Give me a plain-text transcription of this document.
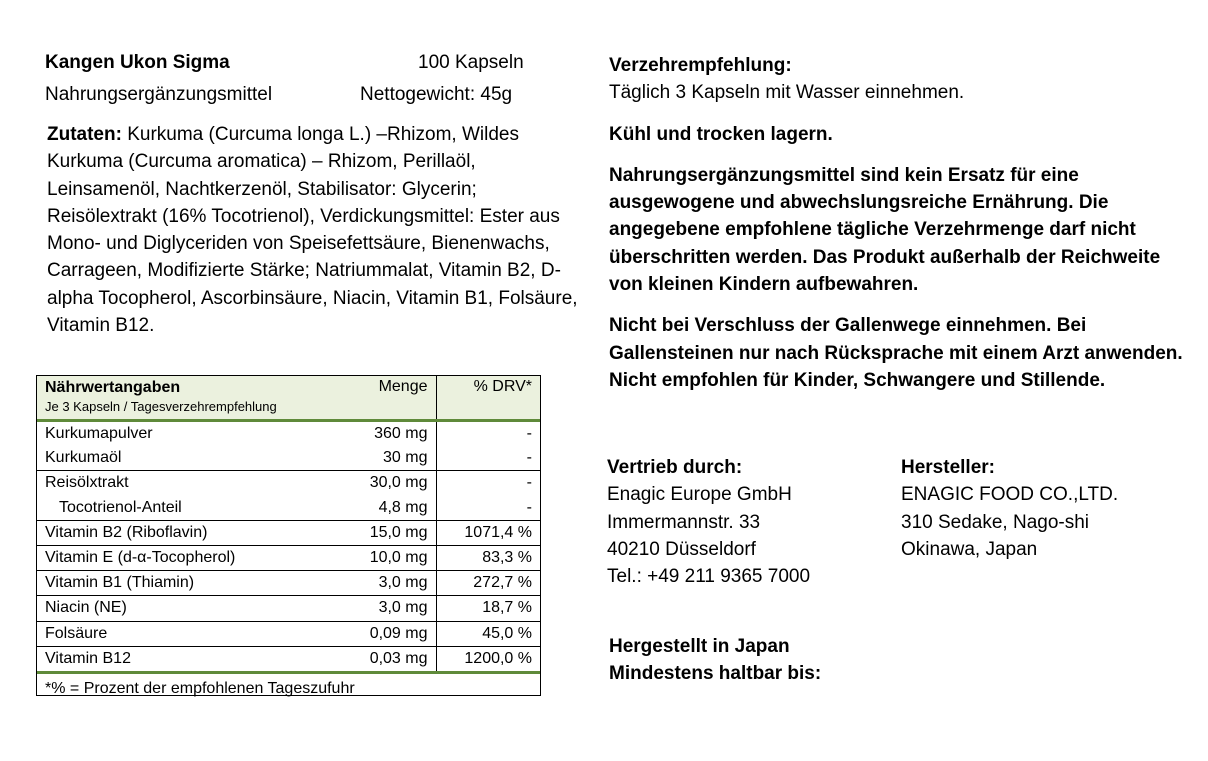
Kangen Ukon Sigma	100 Kapseln
Nahrungsergänzungsmittel	Nettogewicht: 45g
Zutaten: Kurkuma (Curcuma longa L.) –Rhizom, Wildes Kurkuma (Curcuma aromatica) – Rhizom, Perillaöl, Leinsamenöl, Nachtkerzenöl, Stabilisator: Glycerin; Reisölextrakt (16% Tocotrienol), Verdickungsmittel: Ester aus Mono- und Diglyceriden von Speisefettsäure, Bienenwachs, Carrageen, Modifizierte Stärke; Natriummalat, Vitamin B2, D-alpha Tocopherol, Ascorbinsäure, Niacin, Vitamin B1, Folsäure, Vitamin B12.
Nährwertangaben
Je 3 Kapseln / Tagesverzehrempfehlung	Menge	% DRV*
Kurkumapulver	360 mg	-
Kurkumaöl	30 mg	-
Reisölxtrakt	30,0 mg	-
Tocotrienol-Anteil	4,8 mg	-
Vitamin B2 (Riboflavin)	15,0 mg	1071,4 %
Vitamin E (d-α-Tocopherol)	10,0 mg	83,3 %
Vitamin B1 (Thiamin)	3,0 mg	272,7 %
Niacin (NE)	3,0 mg	18,7 %
Folsäure	0,09 mg	45,0 %
Vitamin B12	0,03 mg	1200,0 %
*% = Prozent der empfohlenen Tageszufuhr		
Verzehrempfehlung:
Täglich 3 Kapseln mit Wasser einnehmen.
Kühl und trocken lagern.
Nahrungsergänzungsmittel sind kein Ersatz für eine ausgewogene und abwechslungsreiche Ernährung. Die angegebene empfohlene tägliche Verzehrmenge darf nicht überschritten werden. Das Produkt außerhalb der Reichweite von kleinen Kindern aufbewahren.
Nicht bei Verschluss der Gallenwege einnehmen. Bei Gallensteinen nur nach Rücksprache mit einem Arzt anwenden. Nicht empfohlen für Kinder, Schwangere und Stillende.
Vertrieb durch:
Enagic Europe GmbH
Immermannstr. 33
40210 Düsseldorf
Tel.: +49 211 9365 7000
Hersteller:
ENAGIC FOOD CO.,LTD.
310 Sedake, Nago-shi
Okinawa, Japan
Hergestellt in Japan
Mindestens haltbar bis:
